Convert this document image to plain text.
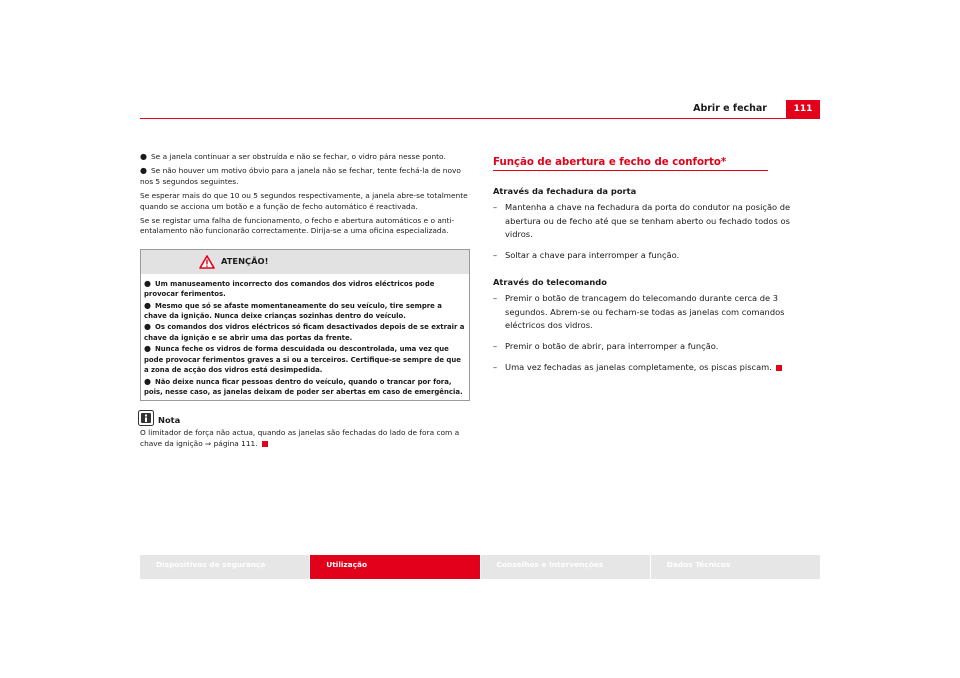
Abrir e fechar	111

● Se a janela continuar a ser obstruída e não se fechar, o vidro pára nesse ponto.

● Se não houver um motivo óbvio para a janela não se fechar, tente fechá-la de novo nos 5 segundos seguintes.

Se esperar mais do que 10 ou 5 segundos respectivamente, a janela abre-se totalmente quando se acciona um botão e a função de fecho automático é reactivada.

Se se registar uma falha de funcionamento, o fecho e abertura automáticos e o anti-entalamento não funcionarão correctamente. Dirija-se a uma oficina especializada.

ATENÇÃO!

● Um manuseamento incorrecto dos comandos dos vidros eléctricos pode provocar ferimentos.

● Mesmo que só se afaste momentaneamente do seu veículo, tire sempre a chave da ignição. Nunca deixe crianças sozinhas dentro do veículo.

● Os comandos dos vidros eléctricos só ficam desactivados depois de se extrair a chave da ignição e se abrir uma das portas da frente.

● Nunca feche os vidros de forma descuidada ou descontrolada, uma vez que pode provocar ferimentos graves a si ou a terceiros. Certifique-se sempre de que a zona de acção dos vidros está desimpedida.

● Não deixe nunca ficar pessoas dentro do veículo, quando o trancar por fora, pois, nesse caso, as janelas deixam de poder ser abertas em caso de emergência.

Nota

O limitador de força não actua, quando as janelas são fechadas do lado de fora com a chave da ignição ⇒ página 111.

Função de abertura e fecho de conforto*
Através da fechadura da porta
– Mantenha a chave na fechadura da porta do condutor na posição de abertura ou de fecho até que se tenham aberto ou fechado todos os vidros.
– Soltar a chave para interromper a função.
Através do telecomando
– Premir o botão de trancagem do telecomando durante cerca de 3 segundos. Abrem-se ou fecham-se todas as janelas com comandos eléctricos dos vidros.
– Premir o botão de abrir, para interromper a função.
– Uma vez fechadas as janelas completamente, os piscas piscam.
Dispositivos de segurança	Utilização	Conselhos e Intervenções	Dados Técnicos
